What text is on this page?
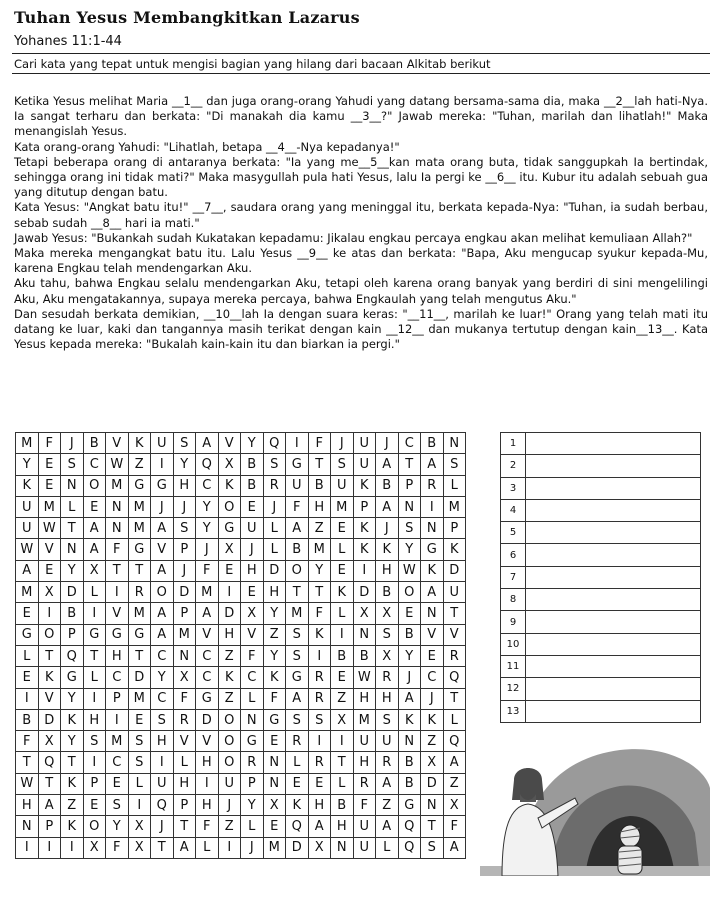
Tuhan Yesus Membangkitkan Lazarus
Yohanes 11:1-44
Cari kata yang tepat untuk mengisi bagian yang hilang dari bacaan Alkitab berikut

Ketika Yesus melihat Maria __1__ dan juga orang-orang Yahudi yang datang bersama-sama dia, maka __2__lah hati-Nya. Ia sangat terharu dan berkata: "Di manakah dia kamu __3__?" Jawab mereka: "Tuhan, marilah dan lihatlah!" Maka menangislah Yesus.

Kata orang-orang Yahudi: "Lihatlah, betapa __4__-Nya kepadanya!"

Tetapi beberapa orang di antaranya berkata: "Ia yang me__5__kan mata orang buta, tidak sanggupkah Ia bertindak, sehingga orang ini tidak mati?" Maka masygullah pula hati Yesus, lalu Ia pergi ke __6__ itu. Kubur itu adalah sebuah gua yang ditutup dengan batu.

Kata Yesus: "Angkat batu itu!" __7__, saudara orang yang meninggal itu, berkata kepada-Nya: "Tuhan, ia sudah berbau, sebab sudah __8__ hari ia mati."

Jawab Yesus: "Bukankah sudah Kukatakan kepadamu: Jikalau engkau percaya engkau akan melihat kemuliaan Allah?"

Maka mereka mengangkat batu itu. Lalu Yesus __9__ ke atas dan berkata: "Bapa, Aku mengucap syukur kepada-Mu, karena Engkau telah mendengarkan Aku.

Aku tahu, bahwa Engkau selalu mendengarkan Aku, tetapi oleh karena orang banyak yang berdiri di sini mengelilingi Aku, Aku mengatakannya, supaya mereka percaya, bahwa Engkaulah yang telah mengutus Aku."

Dan sesudah berkata demikian, __10__lah Ia dengan suara keras: "__11__, marilah ke luar!" Orang yang telah mati itu datang ke luar, kaki dan tangannya masih terikat dengan kain __12__ dan mukanya tertutup dengan kain__13__. Kata Yesus kepada mereka: "Bukalah kain-kain itu dan biarkan ia pergi."

M	F	J	B	V	K	U	S	A	V	Y	Q	I	F	J	U	J	C	B	N
Y	E	S	C	W	Z	I	Y	Q	X	B	S	G	T	S	U	A	T	A	S
K	E	N	O	M	G	G	H	C	K	B	R	U	B	U	K	B	P	R	L
U	M	L	E	N	M	J	J	Y	O	E	J	F	H	M	P	A	N	I	M
U	W	T	A	N	M	A	S	Y	G	U	L	A	Z	E	K	J	S	N	P
W	V	N	A	F	G	V	P	J	X	J	L	B	M	L	K	K	Y	G	K
A	E	Y	X	T	T	A	J	F	E	H	D	O	Y	E	I	H	W	K	D
M	X	D	L	I	R	O	D	M	I	E	H	T	T	K	D	B	O	A	U
E	I	B	I	V	M	A	P	A	D	X	Y	M	F	L	X	X	E	N	T
G	O	P	G	G	G	A	M	V	H	V	Z	S	K	I	N	S	B	V	V
L	T	Q	T	H	T	C	N	C	Z	F	Y	S	I	B	B	X	Y	E	R
E	K	G	L	C	D	Y	X	C	K	C	K	G	R	E	W	R	J	C	Q
I	V	Y	I	P	M	C	F	G	Z	L	F	A	R	Z	H	H	A	J	T
B	D	K	H	I	E	S	R	D	O	N	G	S	S	X	M	S	K	K	L
F	X	Y	S	M	S	H	V	V	O	G	E	R	I	I	U	U	N	Z	Q
T	Q	T	I	C	S	I	L	H	O	R	N	L	R	T	H	R	B	X	A
W	T	K	P	E	L	U	H	I	U	P	N	E	E	L	R	A	B	D	Z
H	A	Z	E	S	I	Q	P	H	J	Y	X	K	H	B	F	Z	G	N	X
N	P	K	O	Y	X	J	T	F	Z	L	E	Q	A	H	U	A	Q	T	F
I	I	I	X	F	X	T	A	L	I	J	M	D	X	N	U	L	Q	S	A
1	
2	
3	
4	
5	
6	
7	
8	
9	
10	
11	
12	
13	
